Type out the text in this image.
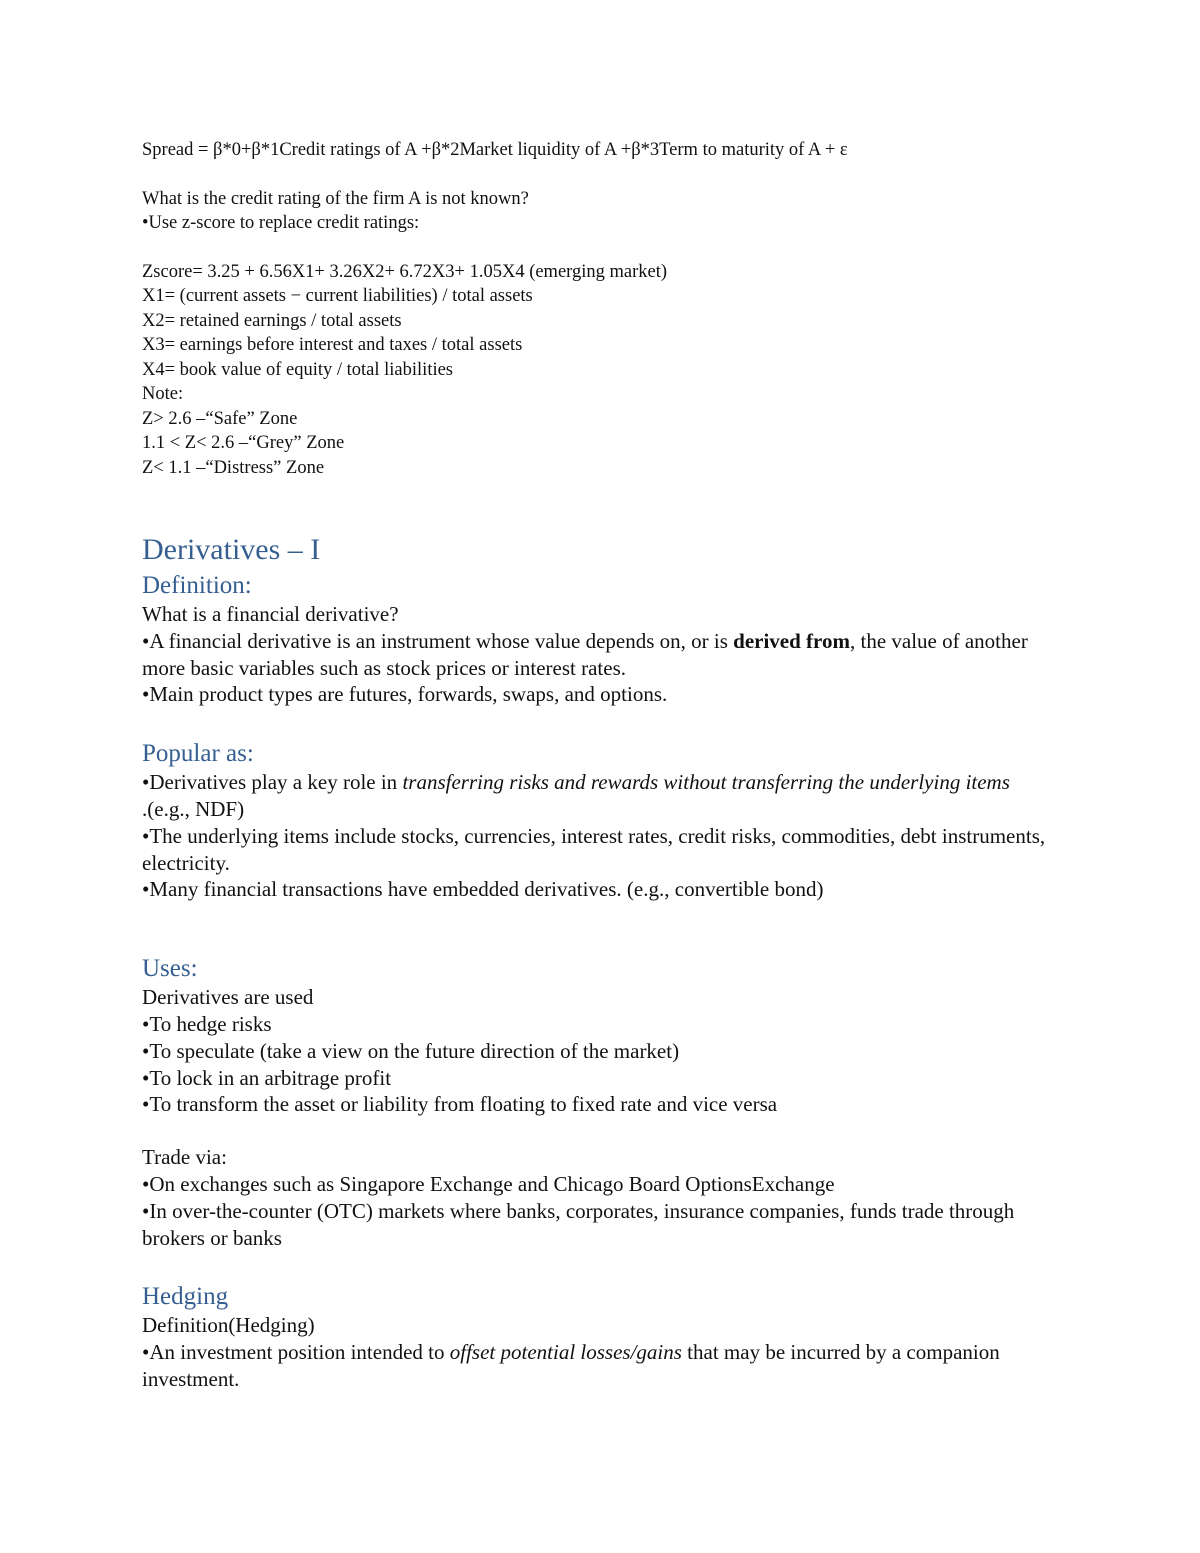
Spread = β*0+β*1Credit ratings of A +β*2Market liquidity of A +β*3Term to maturity of A + ε
What is the credit rating of the firm A is not known?
•Use z-score to replace credit ratings:
Zscore= 3.25 + 6.56X1+ 3.26X2+ 6.72X3+ 1.05X4 (emerging market)
X1= (current assets − current liabilities) / total assets
X2= retained earnings / total assets
X3= earnings before interest and taxes / total assets
X4= book value of equity / total liabilities
Note:
Z> 2.6 –“Safe” Zone
1.1 < Z< 2.6 –“Grey” Zone
Z< 1.1 –“Distress” Zone
Derivatives – I
Definition:

What is a financial derivative?

•A financial derivative is an instrument whose value depends on, or is derived from, the value of another more basic variables such as stock prices or interest rates.

•Main product types are futures, forwards, swaps, and options.

Popular as:

•Derivatives play a key role in transferring risks and rewards without transferring the underlying items
.(e.g., NDF)

•The underlying items include stocks, currencies, interest rates, credit risks, commodities, debt instruments, electricity.

•Many financial transactions have embedded derivatives. (e.g., convertible bond)

Uses:

Derivatives are used

•To hedge risks

•To speculate (take a view on the future direction of the market)

•To lock in an arbitrage profit

•To transform the asset or liability from floating to fixed rate and vice versa

Trade via:

•On exchanges such as Singapore Exchange and Chicago Board OptionsExchange

•In over-the-counter (OTC) markets where banks, corporates, insurance companies, funds trade through brokers or banks

Hedging

Definition(Hedging)

•An investment position intended to offset potential losses/gains that may be incurred by a companion investment.
